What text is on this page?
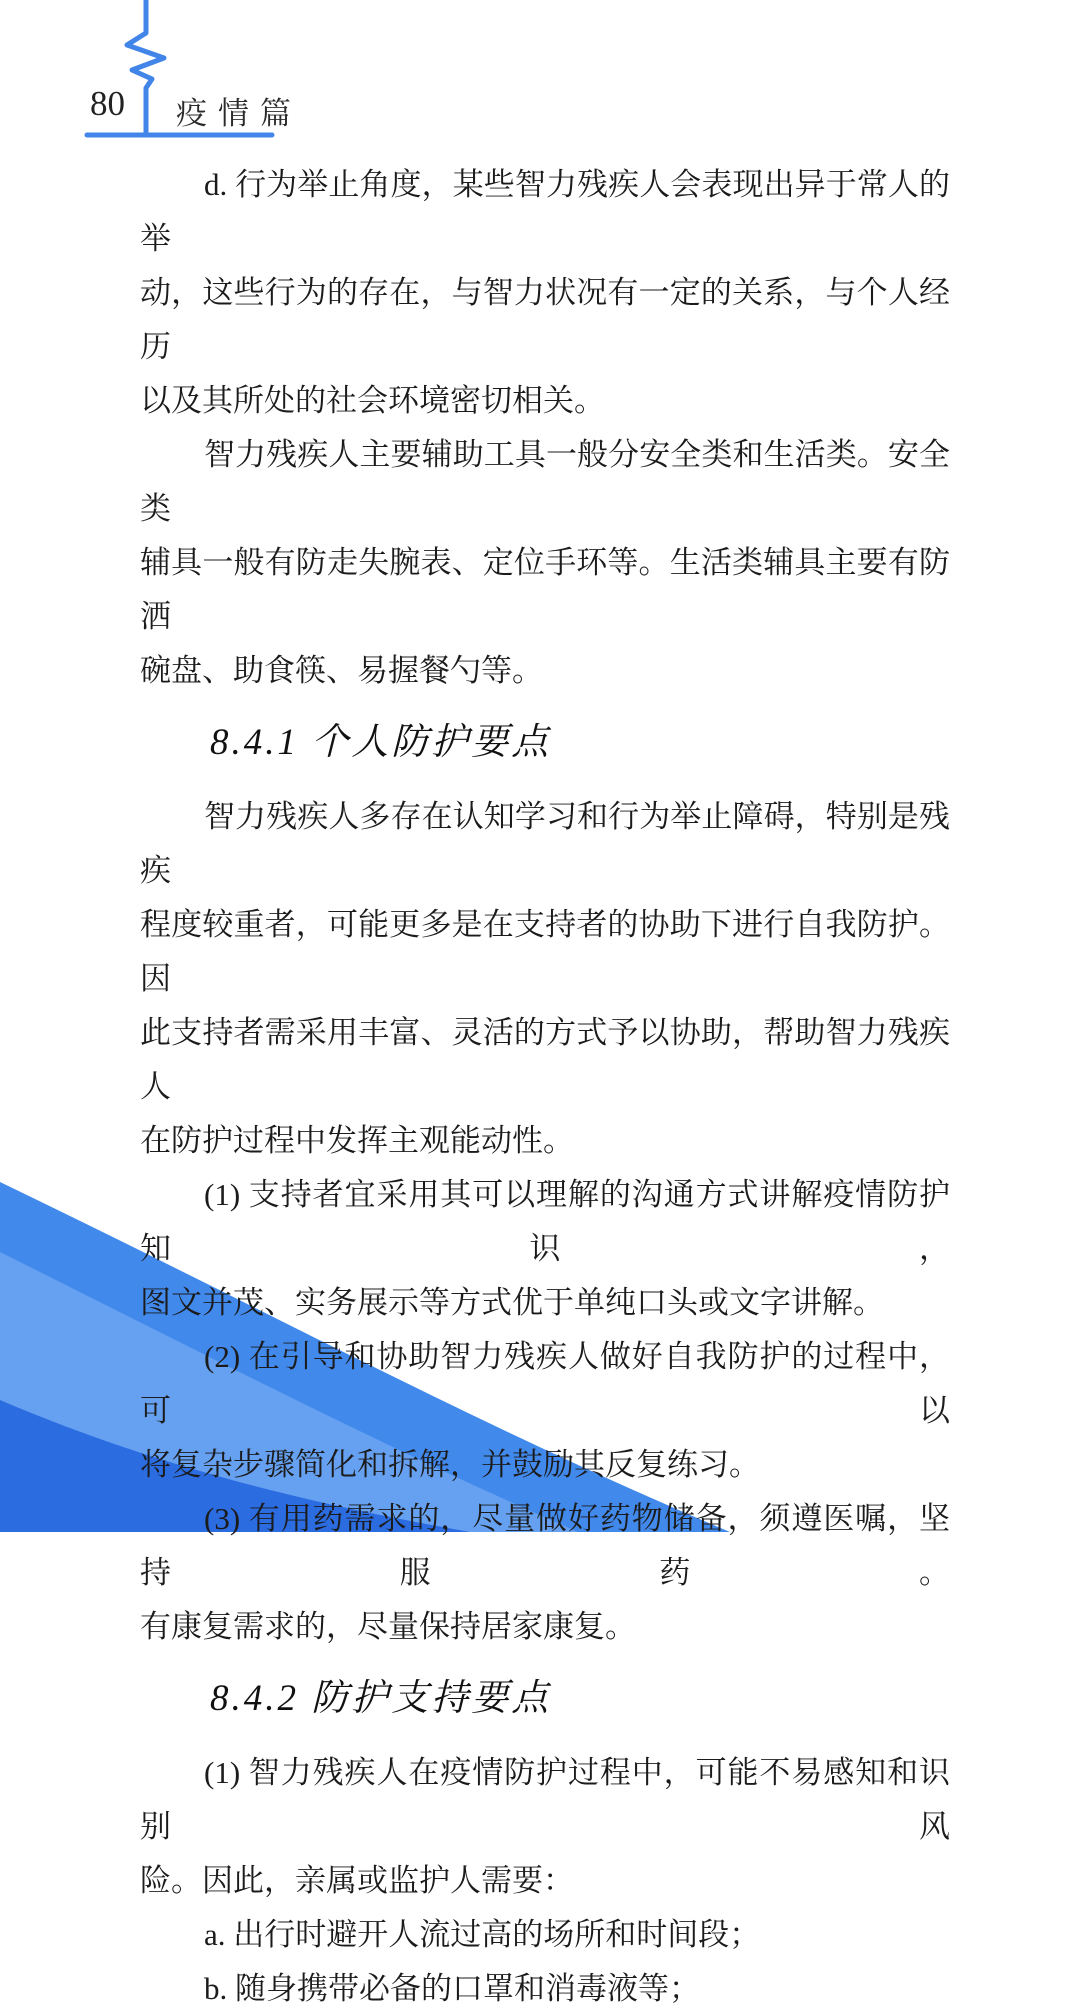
80 疫情篇
d. 行为举止角度，某些智力残疾人会表现出异于常人的举
动，这些行为的存在，与智力状况有一定的关系，与个人经历
以及其所处的社会环境密切相关。
智力残疾人主要辅助工具一般分安全类和生活类。安全类
辅具一般有防走失腕表、定位手环等。生活类辅具主要有防洒
碗盘、助食筷、易握餐勺等。
8.4.1 个人防护要点
智力残疾人多存在认知学习和行为举止障碍，特别是残疾
程度较重者，可能更多是在支持者的协助下进行自我防护。因
此支持者需采用丰富、灵活的方式予以协助，帮助智力残疾人
在防护过程中发挥主观能动性。
(1) 支持者宜采用其可以理解的沟通方式讲解疫情防护知识，
图文并茂、实务展示等方式优于单纯口头或文字讲解。
(2) 在引导和协助智力残疾人做好自我防护的过程中，可以
将复杂步骤简化和拆解，并鼓励其反复练习。
(3) 有用药需求的，尽量做好药物储备，须遵医嘱，坚持服药。
有康复需求的，尽量保持居家康复。
8.4.2 防护支持要点
(1) 智力残疾人在疫情防护过程中，可能不易感知和识别风
险。因此，亲属或监护人需要：
a. 出行时避开人流过高的场所和时间段；
b. 随身携带必备的口罩和消毒液等；
